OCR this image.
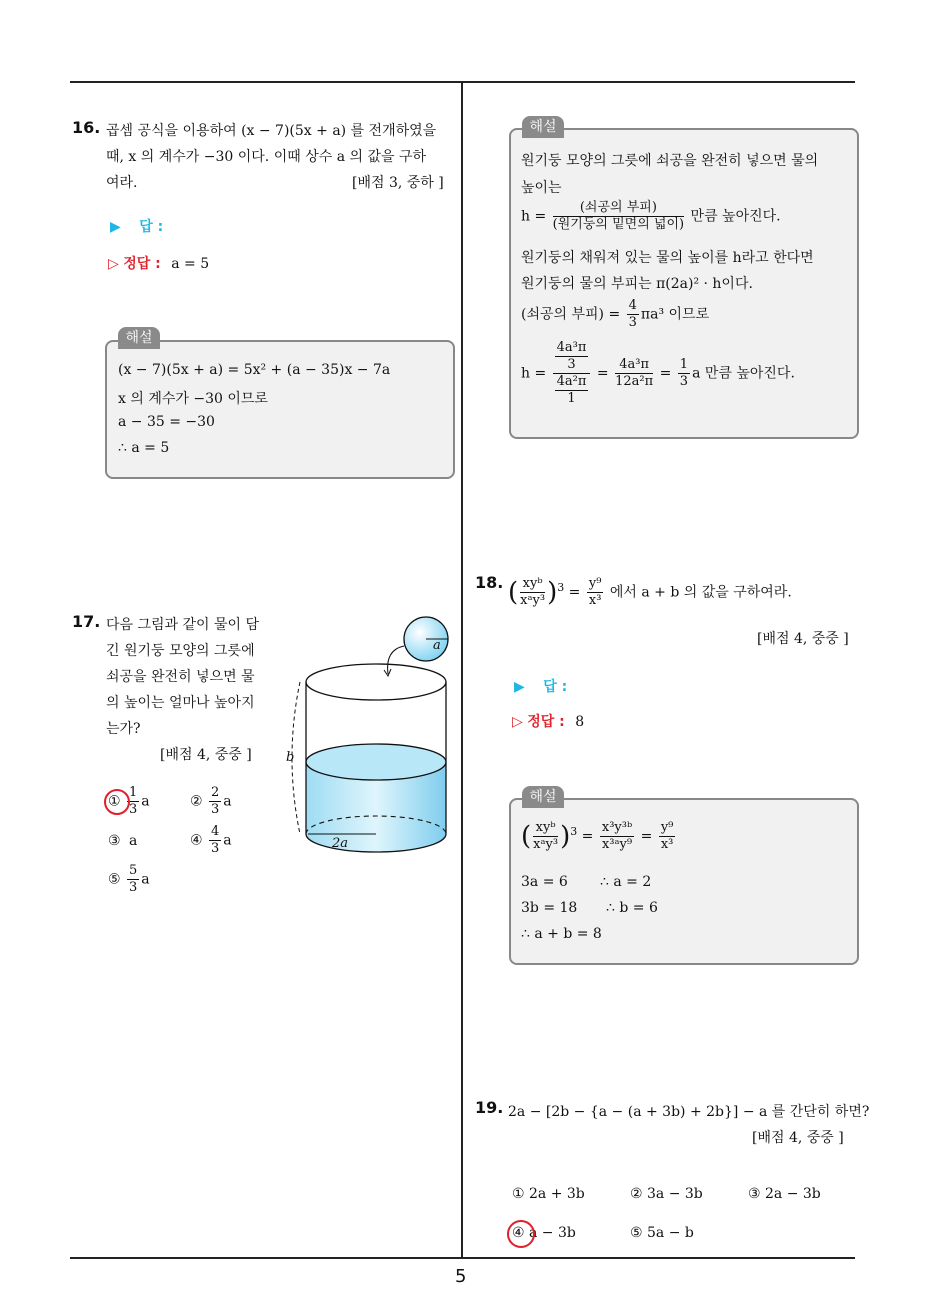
5
16. 곱셈 공식을 이용하여 (x − 7)(5x + a) 를 전개하였을
때, x 의 계수가 −30 이다. 이때 상수 a 의 값을 구하
여라.	[배점 3, 중하 ]
▶ 답 :
▷ 정답 : a = 5
해설
(x − 7)(5x + a) = 5x² + (a − 35)x − 7a
x 의 계수가 −30 이므로
a − 35 = −30
∴ a = 5
해설
원기둥 모양의 그릇에 쇠공을 완전히 넣으면 물의
높이는
$h = \frac{\text{(쇠공의 부피)}}{\text{(원기둥의 밑면의 넓이)}}$ 만큼 높아진다.
원기둥의 채워져 있는 물의 높이를 h라고 한다면
원기둥의 물의 부피는 π(2a)² · h이다.
(쇠공의 부피) = $\frac{4}{3} \pi a^3$ 이므로
$h = \frac{\frac{\text{4a³π}}{3}}{\frac{\text{4a²π}}{1}} = \frac{\text{4a³π}}{\text{12a²π}} = \frac{1}{3}$ a 만큼 높아진다.
17. 다음 그림과 같이 물이 담
긴 원기둥 모양의 그릇에
쇠공을 완전히 넣으면 물
의 높이는 얼마나 높아지
는가?
[배점 4, 중중 ]
① $\frac{1}{3}$ a	② $\frac{2}{3}$ a
③ a	④ $\frac{4}{3}$ a
⑤ $\frac{5}{3}$ a
a
b
2a
18. ( $\frac{\text{xyᵇ}}{\text{xᵃy³}} )^3 = \frac{\text{y⁹}}{\text{x³}}$ 에서 a + b 의 값을 구하여라.
[배점 4, 중중 ]
▶ 답 :
▷ 정답 : 8
해설
( $\frac{\text{xyᵇ}}{\text{xᵃy³}} )^3 = \frac{\text{x³y³ᵇ}}{\text{x³ᵃy⁹}} = \frac{\text{y⁹}}{\text{x³}}$
3a = 6 ∴ a = 2
3b = 18 ∴ b = 6
∴ a + b = 8
19. 2a − [2b − {a − (a + 3b) + 2b}] − a 를 간단히 하면?
[배점 4, 중중 ]
① 2a + 3b	② 3a − 3b	③ 2a − 3b
④ a − 3b	⑤ 5a − b
